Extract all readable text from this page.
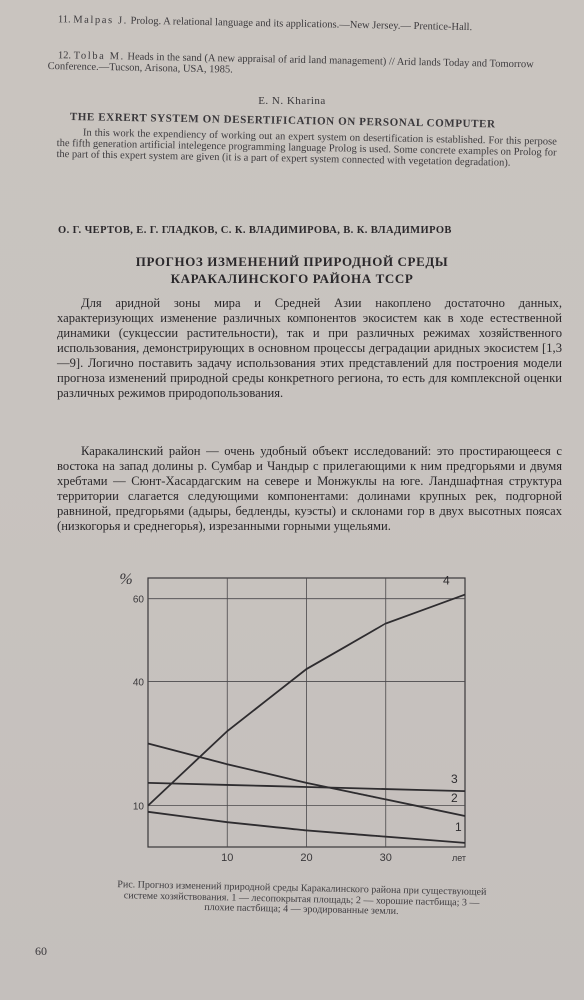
11. Malpas J. Prolog. A relational language and its applications.—New Jersey.— Prentice-Hall.

12. Tolba M. Heads in the sand (A new appraisal of arid land management) // Arid lands Today and Tomorrow Conference.—Tucson, Arisona, USA, 1985.

E. N. Kharina
THE EXRERT SYSTEM ON DESERTIFICATION ON PERSONAL COMPUTER
In this work the expendiency of working out an expert system on desertification is established. For this perpose the fifth generation artificial intelegence programming language Prolog is used. Some concrete examples on Prolog for the part of this expert system are given (it is a part of expert system connected with vegetation degradation).
О. Г. ЧЕРТОВ, Е. Г. ГЛАДКОВ, С. К. ВЛАДИМИРОВА, В. К. ВЛАДИМИРОВ
ПРОГНОЗ ИЗМЕНЕНИЙ ПРИРОДНОЙ СРЕДЫ
КАРАКАЛИНСКОГО РАЙОНА ТССР

Для аридной зоны мира и Средней Азии накоплено достаточно данных, характеризующих изменение различных компонентов экосистем как в ходе естественной динамики (сукцессии растительности), так и при различных режимах хозяйственного использования, демонстрирующих в основном процессы деградации аридных экосистем [1,3—9]. Логично поставить задачу использования этих представлений для построения модели прогноза изменений природной среды конкретного региона, то есть для комплексной оценки различных режимов природопользования.

Каракалинский район — очень удобный объект исследований: это простирающееся с востока на запад долины р. Сумбар и Чандыр с прилегающими к ним предгорьями и двумя хребтами — Сюнт-Хасардагским на севере и Монжуклы на юге. Ландшафтная структура территории слагается следующими компонентами: долинами крупных рек, подгорной равниной, предгорьями (адыры, бедленды, куэсты) и склонами гор в двух высотных поясах (низкогорья и среднегорья), изрезанными горными ущельями.

10	20	30
10
40
60
лет
%
1
2
3
4
Рис. Прогноз изменений природной среды Каракалинского района при существующей системе хозяйствования. 1 — лесопокрытая площадь; 2 — хорошие пастбища; 3 — плохие пастбища; 4 — эродированные земли.
60
